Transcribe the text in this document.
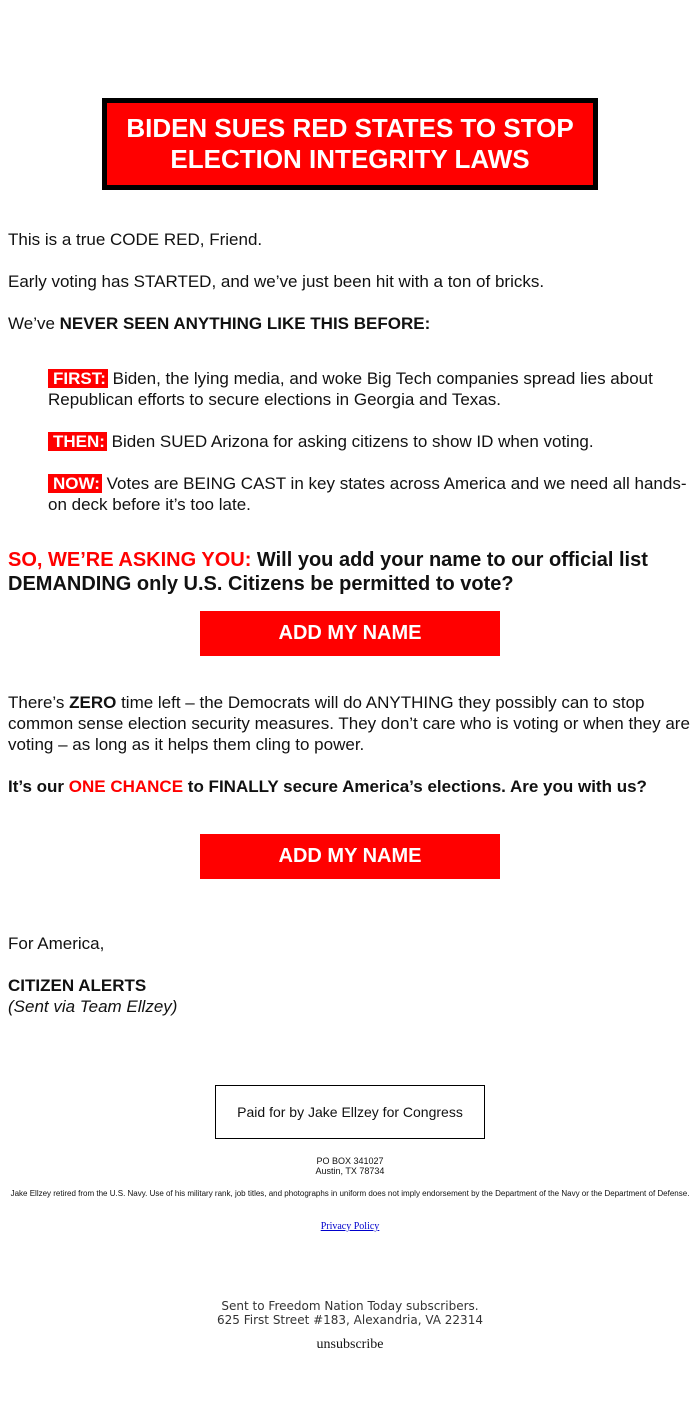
BIDEN SUES RED STATES TO STOP
ELECTION INTEGRITY LAWS

This is a true CODE RED, Friend.

Early voting has STARTED, and we’ve just been hit with a ton of bricks.

We’ve NEVER SEEN ANYTHING LIKE THIS BEFORE:

FIRST: Biden, the lying media, and woke Big Tech companies spread lies about Republican efforts to secure elections in Georgia and Texas.

THEN: Biden SUED Arizona for asking citizens to show ID when voting.

NOW: Votes are BEING CAST in key states across America and we need all hands-on deck before it’s too late.

SO, WE’RE ASKING YOU: Will you add your name to our official list DEMANDING only U.S. Citizens be permitted to vote?

ADD MY NAME

There’s ZERO time left – the Democrats will do ANYTHING they possibly can to stop common sense election security measures. They don’t care who is voting or when they are voting – as long as it helps them cling to power.

It’s our ONE CHANCE to FINALLY secure America’s elections. Are you with us?

ADD MY NAME

For America,

CITIZEN ALERTS

(Sent via Team Ellzey)

Paid for by Jake Ellzey for Congress

PO BOX 341027

Austin, TX 78734

Jake Ellzey retired from the U.S. Navy. Use of his military rank, job titles, and photographs in uniform does not imply endorsement by the Department of the Navy or the Department of Defense.

Privacy Policy

Sent to Freedom Nation Today subscribers.

625 First Street #183, Alexandria, VA 22314

unsubscribe
